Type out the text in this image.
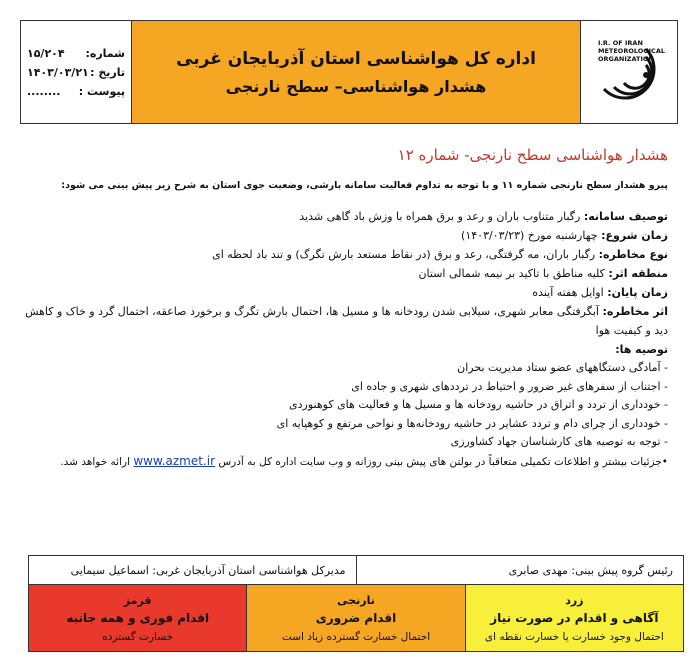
شماره:
۱۵/۲۰۴
تاریخ :
۱۴۰۳/۰۳/۲۱
پیوست :
........
اداره کل هواشناسی استان آذربایجان غربی
هشدار هواشناسی– سطح نارنجی
I.R. OF IRAN
METEOROLOGICAL
ORGANIZATION
هشدار هواشناسی سطح نارنجی- شماره ۱۲
پیرو هشدار سطح نارنجی شماره ۱۱ و با توجه به تداوم فعالیت سامانه بارشی، وضعیت جوی استان به شرح زیر پیش بینی می شود:
توصیف سامانه: رگبار متناوب باران و رعد و برق همراه با وزش باد گاهی شدید
زمان شروع: چهارشنبه مورخ (۱۴۰۳/۰۳/۲۳)
نوع مخاطره: رگبار باران، مه گرفتگی، رعد و برق (در نقاط مستعد بارش تگرگ) و تند باد لحظه ای
منطقه اثر: کلیه مناطق با تاکید بر نیمه شمالی استان
زمان پایان: اوایل هفته آینده
اثر مخاطره: آبگرفتگی معابر شهری، سیلابی شدن رودخانه ها و مسیل ها، احتمال بارش تگرگ و برخورد صاعقه، احتمال گرد و خاک و کاهش دید و کیفیت هوا
توصیه ها:
- آمادگی دستگاههای عضو ستاد مدیریت بحران
- اجتناب از سفرهای غیر ضرور و احتیاط در ترددهای شهری و جاده ای
- خودداری از تردد و اتراق در حاشیه رودخانه ها و مسیل ها و فعالیت های کوهنوردی
- خودداری از چرای دام و تردد عشایر در حاشیه رودخانه‌ها و نواحی مرتفع و کوهپایه ای
- توجه به توصیه های کارشناسان جهاد کشاورزی
•جزئیات بیشتر و اطلاعات تکمیلی متعاقباً در بولتن های پیش بینی روزانه و وب سایت اداره کل به آدرس www.azmet.ir ارائه خواهد شد.
رئیس گروه پیش بینی: مهدی صابری
مدیرکل هواشناسی استان آذربایجان غربی: اسماعیل سیمایی
زرد
آگاهی و اقدام در صورت نیاز
احتمال وجود خسارت یا خسارت نقطه ای
نارنجی
اقدام ضروری
احتمال خسارت گسترده زیاد است
قرمز
اقدام فوری و همه جانبه
خسارت گسترده
